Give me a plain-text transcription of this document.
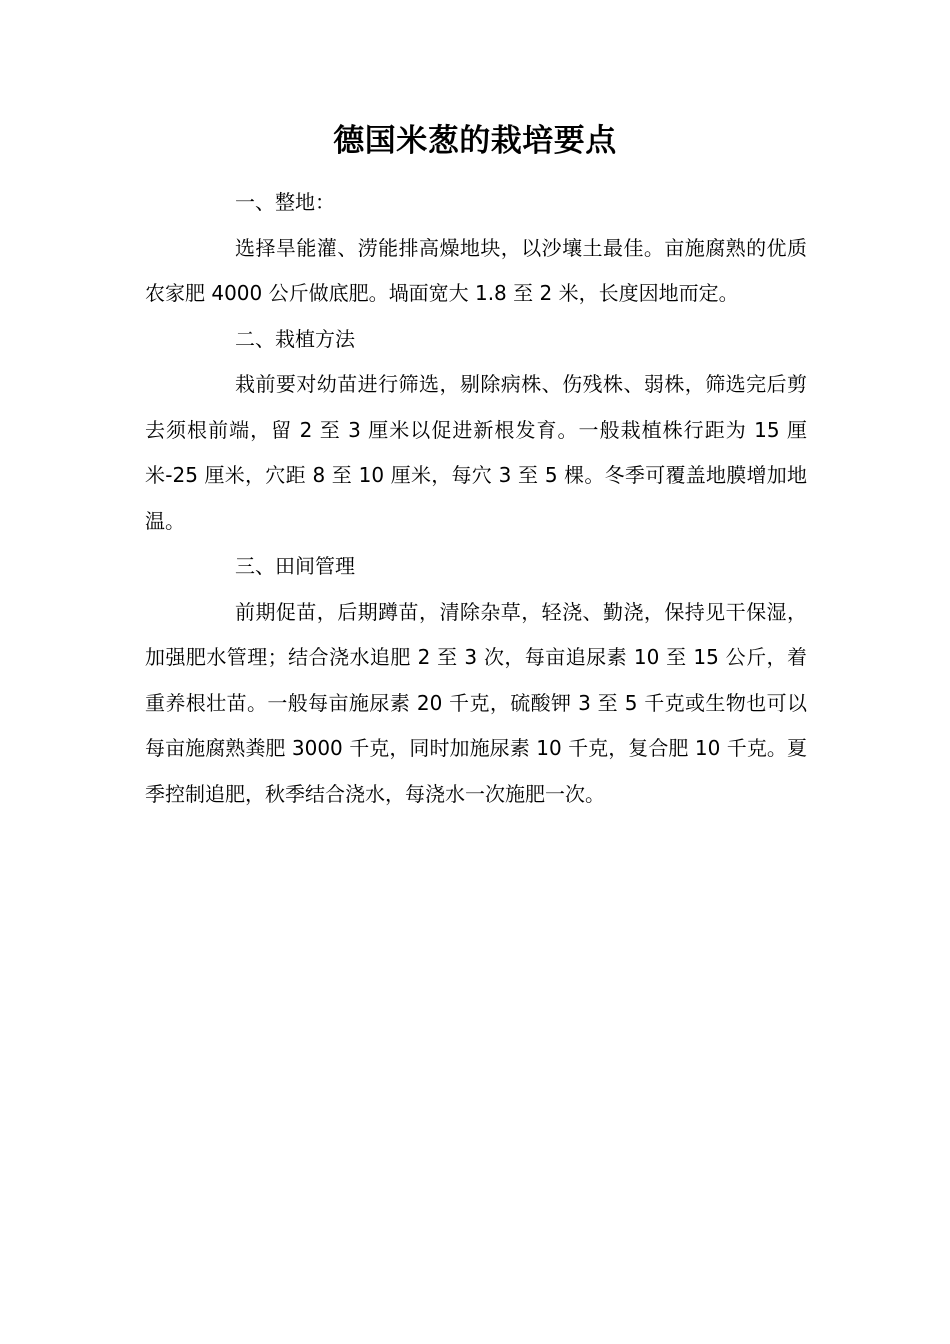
德国米葱的栽培要点

一、整地：

选择旱能灌、涝能排高燥地块，以沙壤土最佳。亩施腐熟的优质农家肥 4000 公斤做底肥。堝面宽大 1.8 至 2 米，长度因地而定。

二、栽植方法

栽前要对幼苗进行筛选，剔除病株、伤残株、弱株，筛选完后剪去须根前端，留 2 至 3 厘米以促进新根发育。一般栽植株行距为 15 厘米-25 厘米，穴距 8 至 10 厘米，每穴 3 至 5 棵。冬季可覆盖地膜增加地温。

三、田间管理

前期促苗，后期蹲苗，清除杂草，轻浇、勤浇，保持见干保湿，加强肥水管理；结合浇水追肥 2 至 3 次，每亩追尿素 10 至 15 公斤，着重养根壮苗。一般每亩施尿素 20 千克，硫酸钾 3 至 5 千克或生物也可以每亩施腐熟粪肥 3000 千克，同时加施尿素 10 千克，复合肥 10 千克。夏季控制追肥，秋季结合浇水，每浇水一次施肥一次。
